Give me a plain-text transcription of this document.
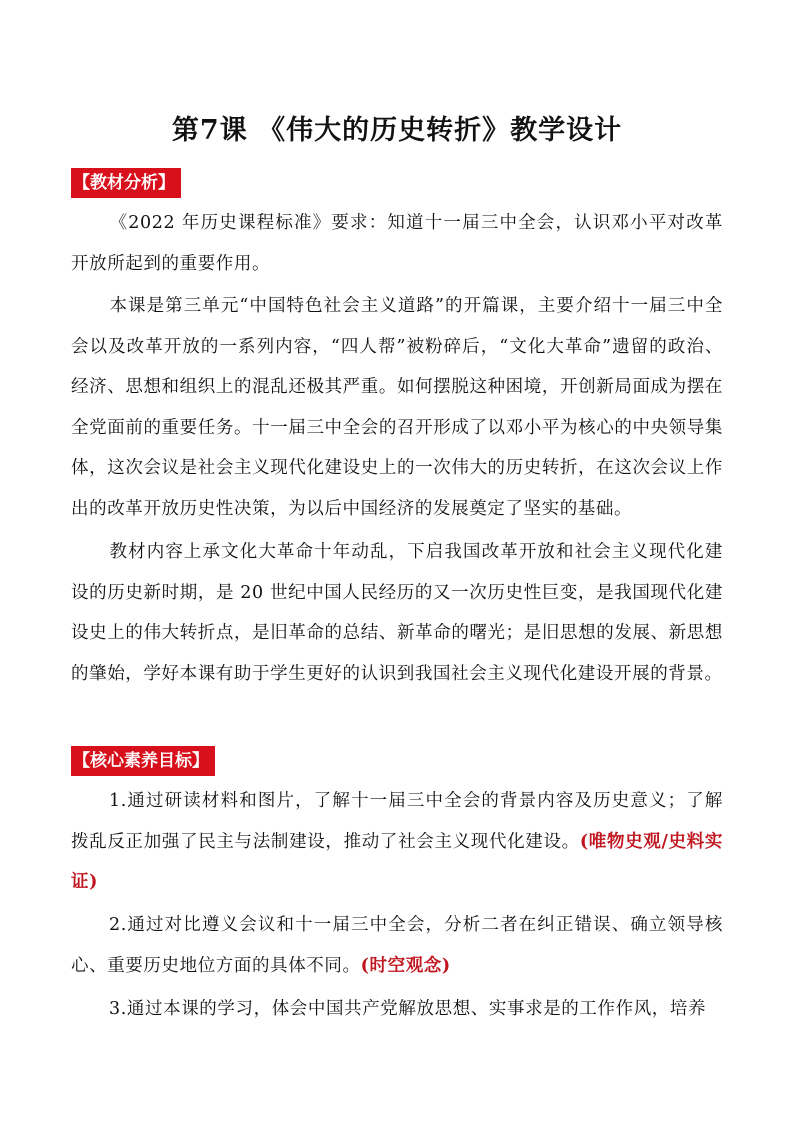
第7课 《伟大的历史转折》教学设计
【教材分析】
《2022 年历史课程标准》要求：知道十一届三中全会，认识邓小平对改革开放所起到的重要作用。
本课是第三单元“中国特色社会主义道路”的开篇课，主要介绍十一届三中全会以及改革开放的一系列内容，“四人帮”被粉碎后，“文化大革命”遗留的政治、经济、思想和组织上的混乱还极其严重。如何摆脱这种困境，开创新局面成为摆在全党面前的重要任务。十一届三中全会的召开形成了以邓小平为核心的中央领导集体，这次会议是社会主义现代化建设史上的一次伟大的历史转折，在这次会议上作出的改革开放历史性决策，为以后中国经济的发展奠定了坚实的基础。
教材内容上承文化大革命十年动乱，下启我国改革开放和社会主义现代化建设的历史新时期，是 20 世纪中国人民经历的又一次历史性巨变，是我国现代化建设史上的伟大转折点，是旧革命的总结、新革命的曙光；是旧思想的发展、新思想的肇始，学好本课有助于学生更好的认识到我国社会主义现代化建设开展的背景。
【核心素养目标】
1.通过研读材料和图片，了解十一届三中全会的背景内容及历史意义；了解拨乱反正加强了民主与法制建设，推动了社会主义现代化建设。(唯物史观/史料实证)
2.通过对比遵义会议和十一届三中全会，分析二者在纠正错误、确立领导核心、重要历史地位方面的具体不同。(时空观念)
3.通过本课的学习，体会中国共产党解放思想、实事求是的工作作风，培养
